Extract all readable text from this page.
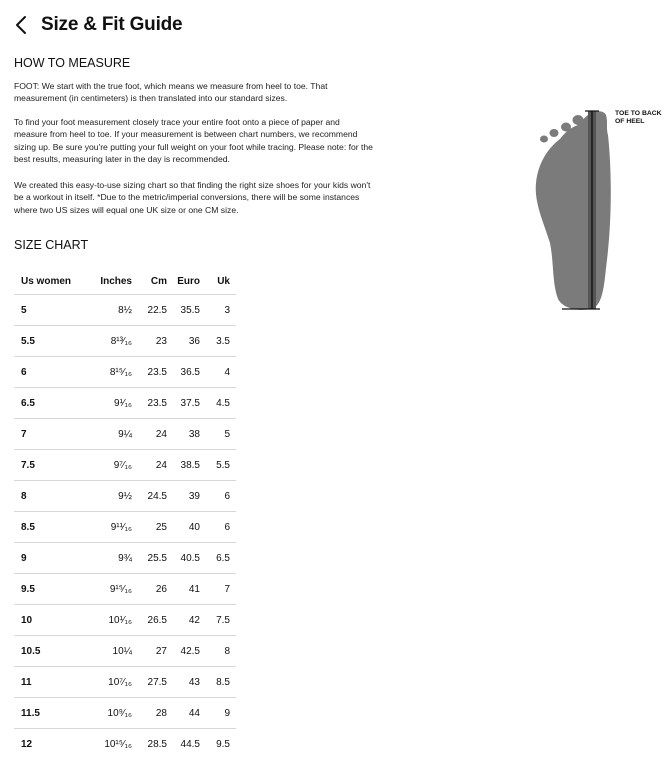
Size & Fit Guide
HOW TO MEASURE

FOOT: We start with the true foot, which means we measure from heel to toe. That measurement (in centimeters) is then translated into our standard sizes.

To find your foot measurement closely trace your entire foot onto a piece of paper and measure from heel to toe. If your measurement is between chart numbers, we recommend sizing up. Be sure you're putting your full weight on your foot while tracing. Please note: for the best results, measuring later in the day is recommended.

We created this easy-to-use sizing chart so that finding the right size shoes for your kids won't be a workout in itself. *Due to the metric/imperial conversions, there will be some instances where two US sizes will equal one UK size or one CM size.

SIZE CHART
Us women	Inches	Cm	Euro	Uk
5	8½	22.5	35.5	3
5.5	8¹³⁄₁₆	23	36	3.5
6	8¹⁵⁄₁₆	23.5	36.5	4
6.5	9¹⁄₁₆	23.5	37.5	4.5
7	9¼	24	38	5
7.5	9⁷⁄₁₆	24	38.5	5.5
8	9½	24.5	39	6
8.5	9¹¹⁄₁₆	25	40	6
9	9¾	25.5	40.5	6.5
9.5	9¹⁵⁄₁₆	26	41	7
10	10¹⁄₁₆	26.5	42	7.5
10.5	10¼	27	42.5	8
11	10⁷⁄₁₆	27.5	43	8.5
11.5	10⁹⁄₁₆	28	44	9
12	10¹⁵⁄₁₆	28.5	44.5	9.5

TOE TO BACK OF HEEL
